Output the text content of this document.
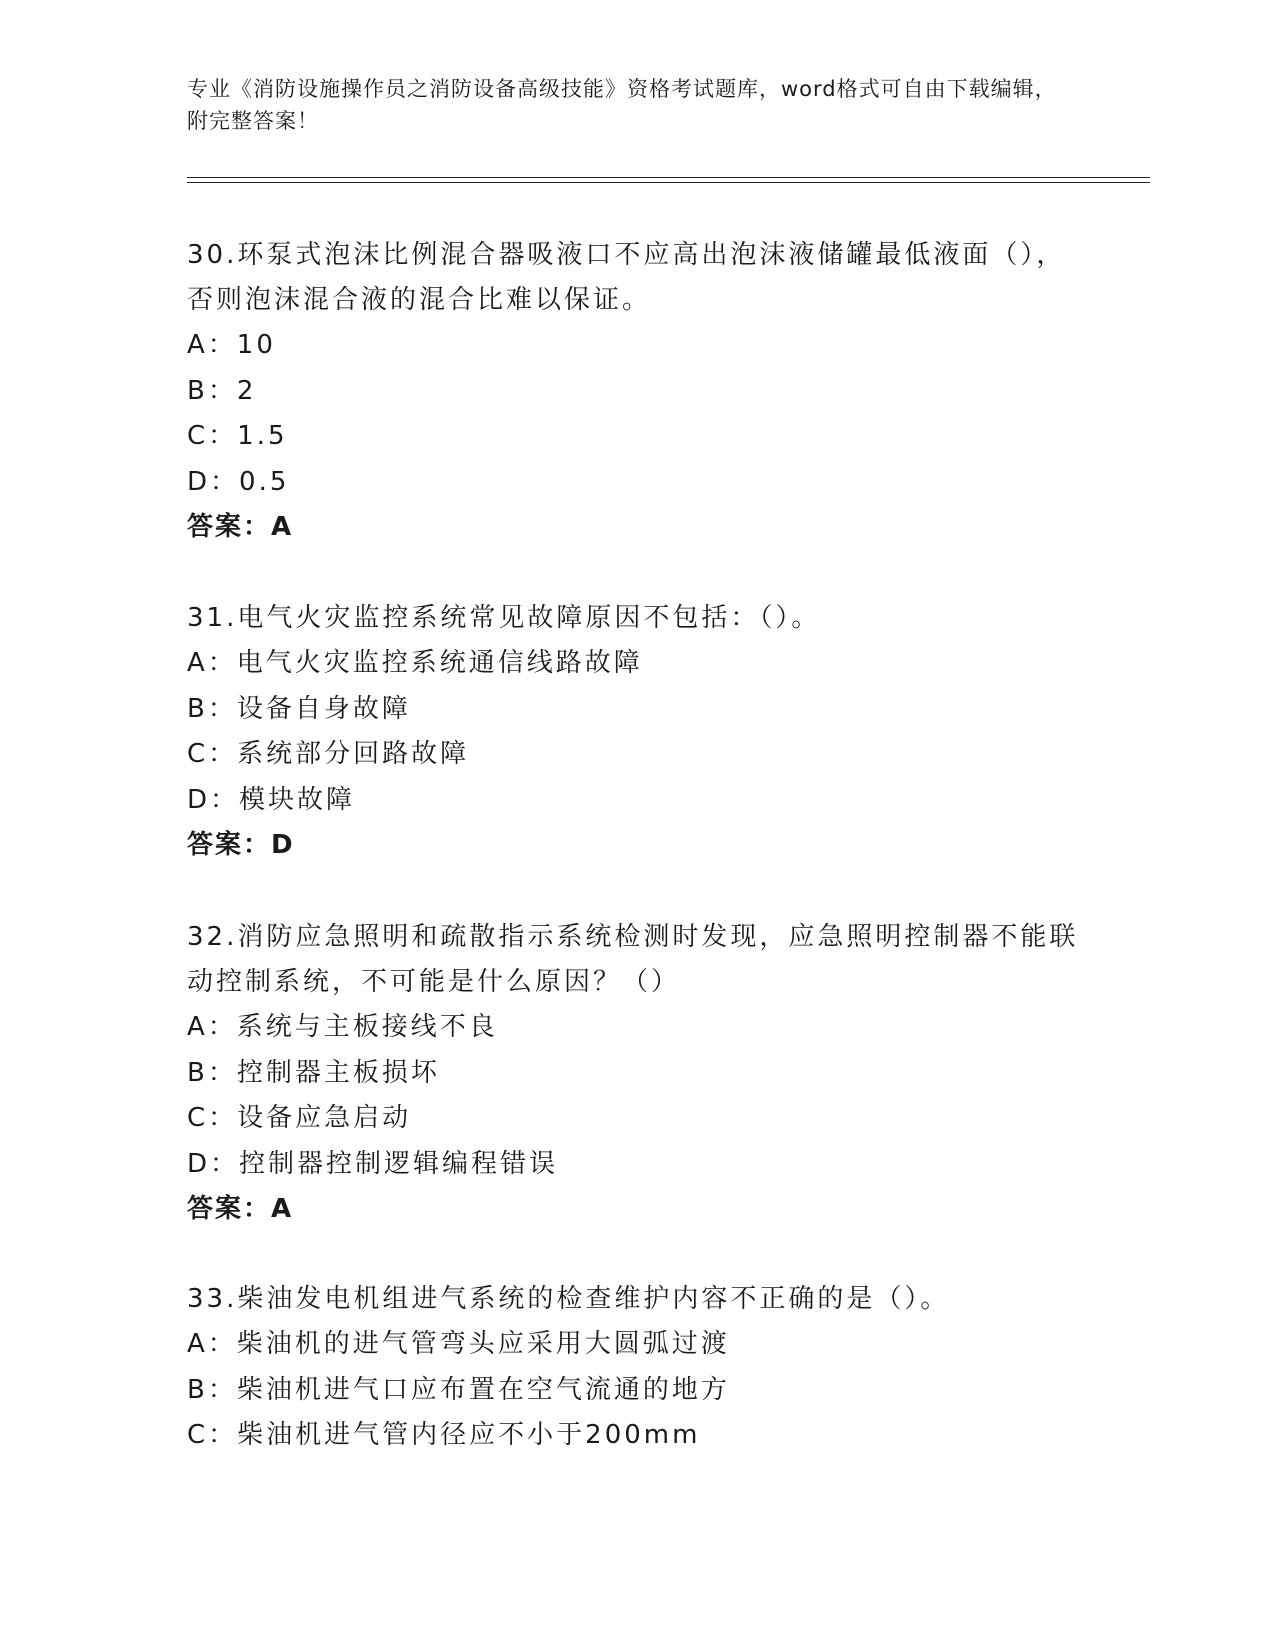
专业《消防设施操作员之消防设备高级技能》资格考试题库，word格式可自由下载编辑，附完整答案！

30.环泵式泡沫比例混合器吸液口不应高出泡沫液储罐最低液面（），否则泡沫混合液的混合比难以保证。

A：10

B：2

C：1.5

D：0.5

答案：A

31.电气火灾监控系统常见故障原因不包括：（）。

A：电气火灾监控系统通信线路故障

B：设备自身故障

C：系统部分回路故障

D：模块故障

答案：D

32.消防应急照明和疏散指示系统检测时发现，应急照明控制器不能联动控制系统，不可能是什么原因？（）

A：系统与主板接线不良

B：控制器主板损坏

C：设备应急启动

D：控制器控制逻辑编程错误

答案：A

33.柴油发电机组进气系统的检查维护内容不正确的是（）。

A：柴油机的进气管弯头应采用大圆弧过渡

B：柴油机进气口应布置在空气流通的地方

C：柴油机进气管内径应不小于200mm
